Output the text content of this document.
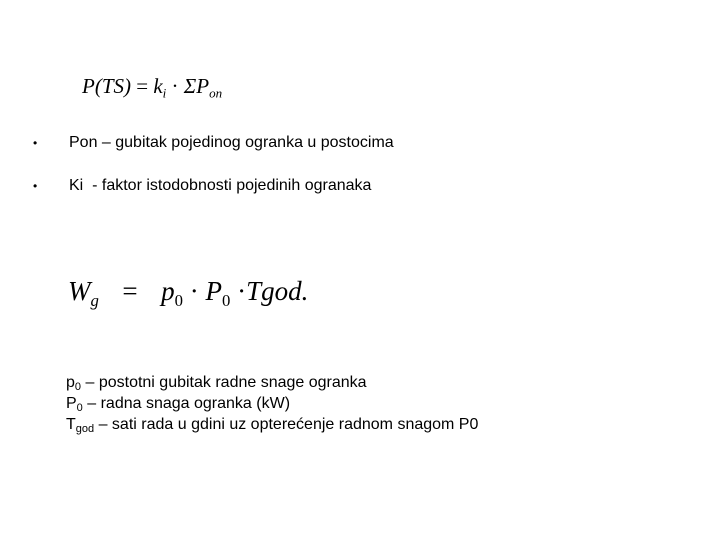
$P(TS) = k_i \cdot \Sigma P_{on}$
• Pon – gubitak pojedinog ogranka u postocima
• Ki  - faktor istodobnosti pojedinih ogranaka
$W_g = p_0 \cdot P_0$ ·Tgod.
$p_0$ – postotni gubitak radne snage ogranka
$P_0$ – radna snaga ogranka (kW)
$T_{god}$ – sati rada u gdini uz opterećenje radnom snagom P0
